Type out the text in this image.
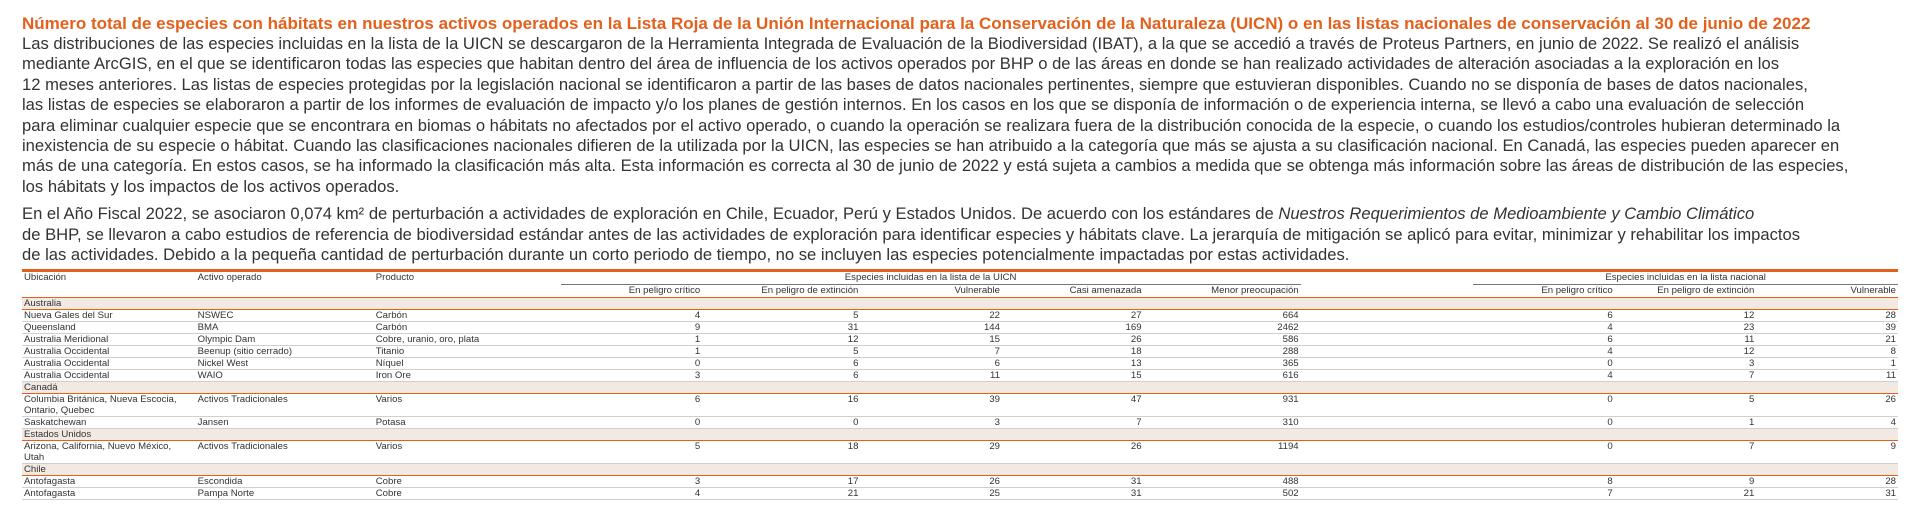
Número total de especies con hábitats en nuestros activos operados en la Lista Roja de la Unión Internacional para la Conservación de la Naturaleza (UICN) o en las listas nacionales de conservación al 30 de junio de 2022

Las distribuciones de las especies incluidas en la lista de la UICN se descargaron de la Herramienta Integrada de Evaluación de la Biodiversidad (IBAT), a la que se accedió a través de Proteus Partners, en junio de 2022. Se realizó el análisis
mediante ArcGIS, en el que se identificaron todas las especies que habitan dentro del área de influencia de los activos operados por BHP o de las áreas en donde se han realizado actividades de alteración asociadas a la exploración en los
12 meses anteriores. Las listas de especies protegidas por la legislación nacional se identificaron a partir de las bases de datos nacionales pertinentes, siempre que estuvieran disponibles. Cuando no se disponía de bases de datos nacionales,
las listas de especies se elaboraron a partir de los informes de evaluación de impacto y/o los planes de gestión internos. En los casos en los que se disponía de información o de experiencia interna, se llevó a cabo una evaluación de selección
para eliminar cualquier especie que se encontrara en biomas o hábitats no afectados por el activo operado, o cuando la operación se realizara fuera de la distribución conocida de la especie, o cuando los estudios/controles hubieran determinado la
inexistencia de su especie o hábitat. Cuando las clasificaciones nacionales difieren de la utilizada por la UICN, las especies se han atribuido a la categoría que más se ajusta a su clasificación nacional. En Canadá, las especies pueden aparecer en
más de una categoría. En estos casos, se ha informado la clasificación más alta. Esta información es correcta al 30 de junio de 2022 y está sujeta a cambios a medida que se obtenga más información sobre las áreas de distribución de las especies,
los hábitats y los impactos de los activos operados.

En el Año Fiscal 2022, se asociaron 0,074 km² de perturbación a actividades de exploración en Chile, Ecuador, Perú y Estados Unidos. De acuerdo con los estándares de Nuestros Requerimientos de Medioambiente y Cambio Climático
de BHP, se llevaron a cabo estudios de referencia de biodiversidad estándar antes de las actividades de exploración para identificar especies y hábitats clave. La jerarquía de mitigación se aplicó para evitar, minimizar y rehabilitar los impactos
de las actividades. Debido a la pequeña cantidad de perturbación durante un corto periodo de tiempo, no se incluyen las especies potencialmente impactadas por estas actividades.

Ubicación	Activo operado	Producto	Especies incluidas en la lista de la UICN						Especies incluidas en la lista nacional		
			En peligro crítico	En peligro de extinción	Vulnerable	Casi amenazada	Menor preocupación		En peligro crítico	En peligro de extinción	Vulnerable
Australia											
Nueva Gales del Sur	NSWEC	Carbón	4	5	22	27	664		6	12	28
Queensland	BMA	Carbón	9	31	144	169	2462		4	23	39
Australia Meridional	Olympic Dam	Cobre, uranio, oro, plata	1	12	15	26	586		6	11	21
Australia Occidental	Beenup (sitio cerrado)	Titanio	1	5	7	18	288		4	12	8
Australia Occidental	Nickel West	Níquel	0	6	6	13	365		0	3	1
Australia Occidental	WAIO	Iron Ore	3	6	11	15	616		4	7	11
Canadá											
Columbia Británica, Nueva Escocia, Ontario, Quebec	Activos Tradicionales	Varios	6	16	39	47	931		0	5	26
Saskatchewan	Jansen	Potasa	0	0	3	7	310		0	1	4
Estados Unidos											
Arizona, California, Nuevo México, Utah	Activos Tradicionales	Varios	5	18	29	26	1194		0	7	9
Chile											
Antofagasta	Escondida	Cobre	3	17	26	31	488		8	9	28
Antofagasta	Pampa Norte	Cobre	4	21	25	31	502		7	21	31
